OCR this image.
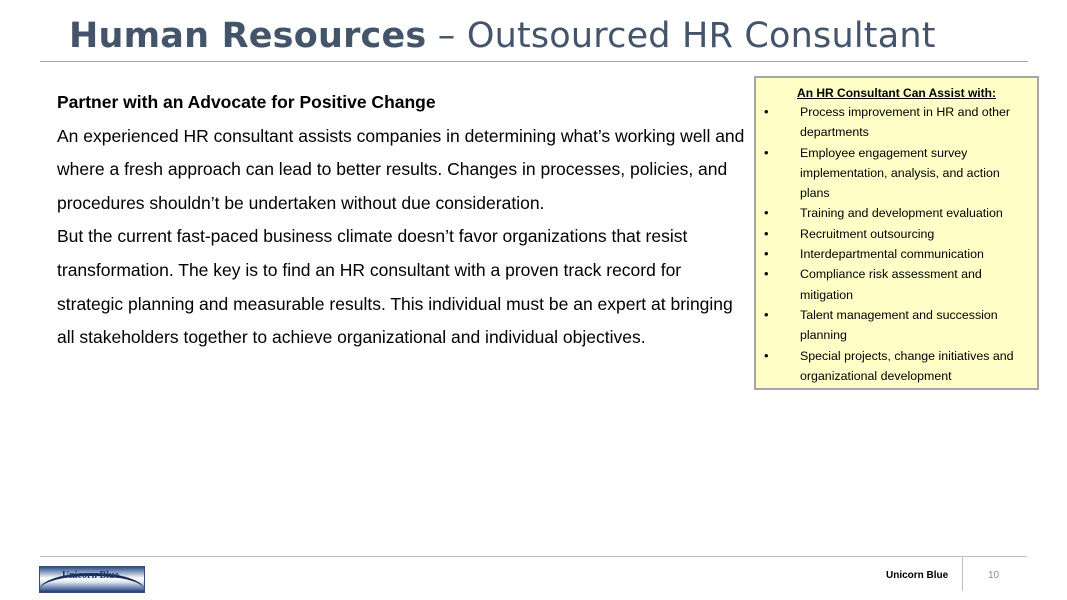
Human Resources – Outsourced HR Consultant

Partner with an Advocate for Positive Change

An experienced HR consultant assists companies in determining what’s working well and where a fresh approach can lead to better results. Changes in processes, policies, and procedures shouldn’t be undertaken without due consideration.

But the current fast-paced business climate doesn’t favor organizations that resist transformation. The key is to find an HR consultant with a proven track record for strategic planning and measurable results. This individual must be an expert at bringing all stakeholders together to achieve organizational and individual objectives.

An HR Consultant Can Assist with:
•	Process improvement in HR and other departments
•	Employee engagement survey implementation, analysis, and action plans
•	Training and development evaluation
•	Recruitment outsourcing
•	Interdepartmental communication
•	Compliance risk assessment and mitigation
•	Talent management and succession planning
•	Special projects, change initiatives and organizational development
Unicorn Blue	Unicorn Blue	10
